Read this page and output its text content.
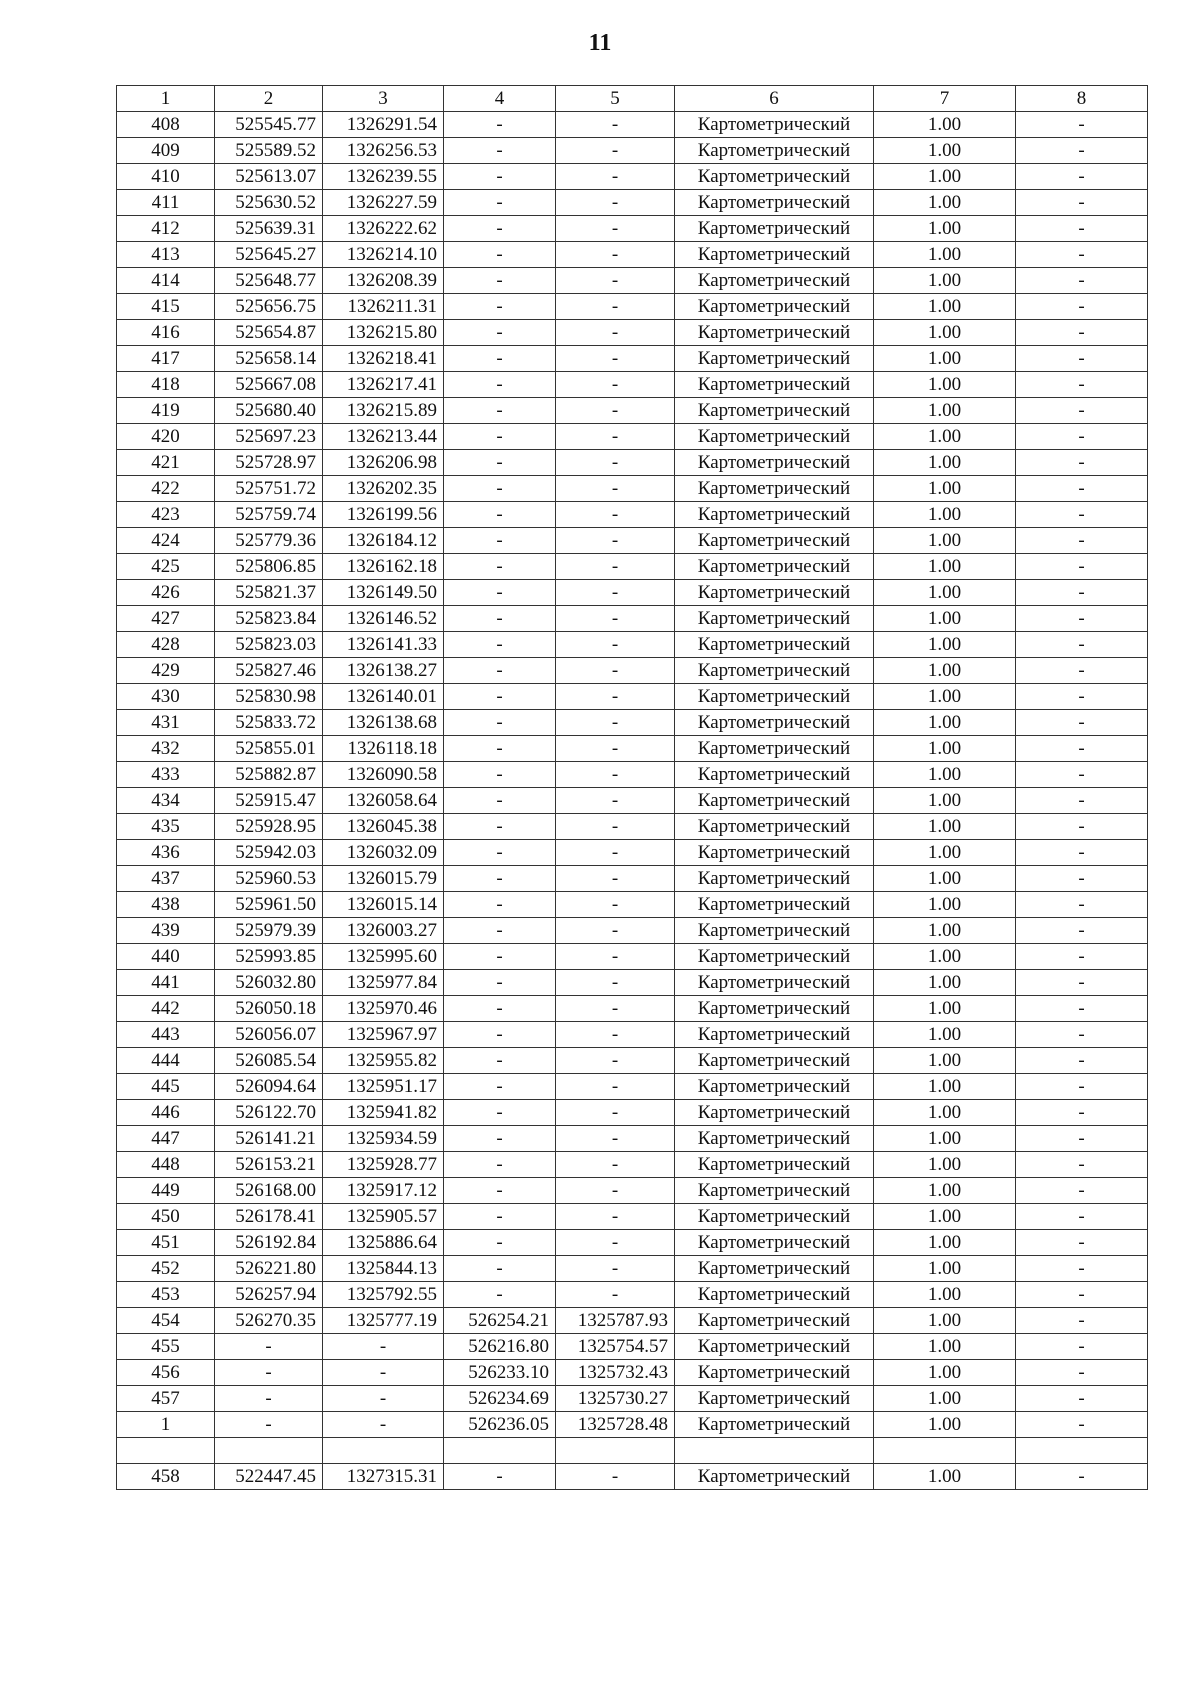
11
1	2	3	4	5	6	7	8
408	525545.77	1326291.54	-	-	Картометрический	1.00	-
409	525589.52	1326256.53	-	-	Картометрический	1.00	-
410	525613.07	1326239.55	-	-	Картометрический	1.00	-
411	525630.52	1326227.59	-	-	Картометрический	1.00	-
412	525639.31	1326222.62	-	-	Картометрический	1.00	-
413	525645.27	1326214.10	-	-	Картометрический	1.00	-
414	525648.77	1326208.39	-	-	Картометрический	1.00	-
415	525656.75	1326211.31	-	-	Картометрический	1.00	-
416	525654.87	1326215.80	-	-	Картометрический	1.00	-
417	525658.14	1326218.41	-	-	Картометрический	1.00	-
418	525667.08	1326217.41	-	-	Картометрический	1.00	-
419	525680.40	1326215.89	-	-	Картометрический	1.00	-
420	525697.23	1326213.44	-	-	Картометрический	1.00	-
421	525728.97	1326206.98	-	-	Картометрический	1.00	-
422	525751.72	1326202.35	-	-	Картометрический	1.00	-
423	525759.74	1326199.56	-	-	Картометрический	1.00	-
424	525779.36	1326184.12	-	-	Картометрический	1.00	-
425	525806.85	1326162.18	-	-	Картометрический	1.00	-
426	525821.37	1326149.50	-	-	Картометрический	1.00	-
427	525823.84	1326146.52	-	-	Картометрический	1.00	-
428	525823.03	1326141.33	-	-	Картометрический	1.00	-
429	525827.46	1326138.27	-	-	Картометрический	1.00	-
430	525830.98	1326140.01	-	-	Картометрический	1.00	-
431	525833.72	1326138.68	-	-	Картометрический	1.00	-
432	525855.01	1326118.18	-	-	Картометрический	1.00	-
433	525882.87	1326090.58	-	-	Картометрический	1.00	-
434	525915.47	1326058.64	-	-	Картометрический	1.00	-
435	525928.95	1326045.38	-	-	Картометрический	1.00	-
436	525942.03	1326032.09	-	-	Картометрический	1.00	-
437	525960.53	1326015.79	-	-	Картометрический	1.00	-
438	525961.50	1326015.14	-	-	Картометрический	1.00	-
439	525979.39	1326003.27	-	-	Картометрический	1.00	-
440	525993.85	1325995.60	-	-	Картометрический	1.00	-
441	526032.80	1325977.84	-	-	Картометрический	1.00	-
442	526050.18	1325970.46	-	-	Картометрический	1.00	-
443	526056.07	1325967.97	-	-	Картометрический	1.00	-
444	526085.54	1325955.82	-	-	Картометрический	1.00	-
445	526094.64	1325951.17	-	-	Картометрический	1.00	-
446	526122.70	1325941.82	-	-	Картометрический	1.00	-
447	526141.21	1325934.59	-	-	Картометрический	1.00	-
448	526153.21	1325928.77	-	-	Картометрический	1.00	-
449	526168.00	1325917.12	-	-	Картометрический	1.00	-
450	526178.41	1325905.57	-	-	Картометрический	1.00	-
451	526192.84	1325886.64	-	-	Картометрический	1.00	-
452	526221.80	1325844.13	-	-	Картометрический	1.00	-
453	526257.94	1325792.55	-	-	Картометрический	1.00	-
454	526270.35	1325777.19	526254.21	1325787.93	Картометрический	1.00	-
455	-	-	526216.80	1325754.57	Картометрический	1.00	-
456	-	-	526233.10	1325732.43	Картометрический	1.00	-
457	-	-	526234.69	1325730.27	Картометрический	1.00	-
1	-	-	526236.05	1325728.48	Картометрический	1.00	-

458	522447.45	1327315.31	-	-	Картометрический	1.00	-
